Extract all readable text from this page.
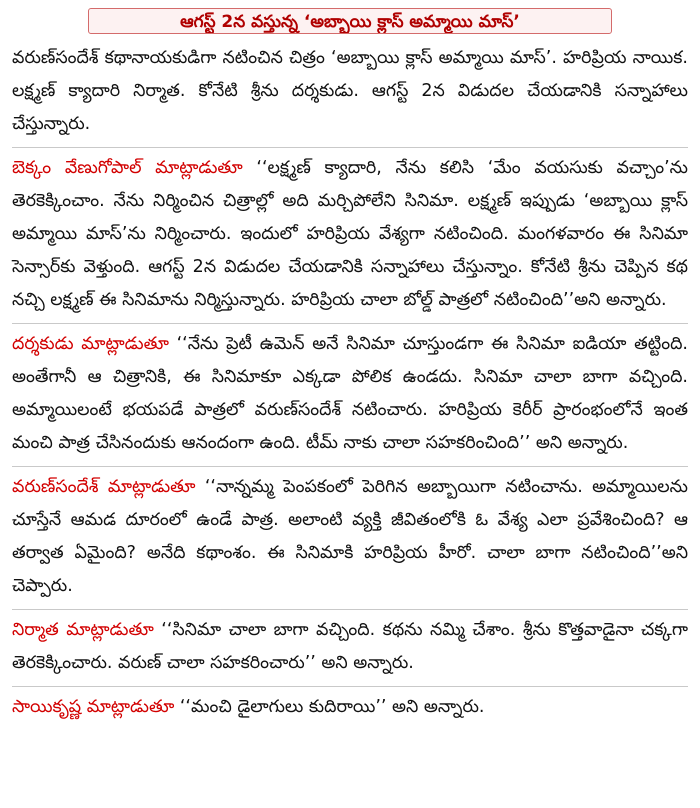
ఆగస్ట్ 2న వస్తున్న ‘అబ్బాయి క్లాస్ అమ్మాయి మాస్’

వరుణ్‌సందేశ్ కథానాయకుడిగా నటించిన చిత్రం ‘అబ్బాయి క్లాస్ అమ్మాయి మాస్’. హరిప్రియ నాయిక. లక్ష్మణ్ క్యాదారి నిర్మాత. కోనేటి శ్రీను దర్శకుడు. ఆగస్ట్ 2న విడుదల చేయడానికి సన్నాహాలు చేస్తున్నారు.

బెక్కం వేణుగోపాల్ మాట్లాడుతూ ‘‘లక్ష్మణ్ క్యాదారి, నేను కలిసి ‘మేం వయసుకు వచ్చాం’ను తెరకెక్కించాం. నేను నిర్మించిన చిత్రాల్లో అది మర్చిపోలేని సినిమా. లక్ష్మణ్ ఇప్పుడు ‘అబ్బాయి క్లాస్ అమ్మాయి మాస్’ను నిర్మించారు. ఇందులో హరిప్రియ వేశ్యగా నటించింది. మంగళవారం ఈ సినిమా సెన్సార్‌కు వెళ్తుంది. ఆగస్ట్ 2న విడుదల చేయడానికి సన్నాహాలు చేస్తున్నాం. కోనేటి శ్రీను చెప్పిన కథ నచ్చి లక్ష్మణ్ ఈ సినిమాను నిర్మిస్తున్నారు. హరిప్రియ చాలా బోల్డ్ పాత్రలో నటించింది’’అని అన్నారు.

దర్శకుడు మాట్లాడుతూ ‘‘నేను ప్రెటీ ఉమెన్ అనే సినిమా చూస్తుండగా ఈ సినిమా ఐడియా తట్టింది. అంతేగానీ ఆ చిత్రానికి, ఈ సినిమాకూ ఎక్కడా పోలిక ఉండదు. సినిమా చాలా బాగా వచ్చింది. అమ్మాయిలంటే భయపడే పాత్రలో వరుణ్‌సందేశ్ నటించారు. హరిప్రియ కెరీర్ ప్రారంభంలోనే ఇంత మంచి పాత్ర చేసినందుకు ఆనందంగా ఉంది. టీమ్ నాకు చాలా సహకరించింది’’ అని అన్నారు.

వరుణ్‌సందేశ్ మాట్లాడుతూ ‘‘నాన్నమ్మ పెంపకంలో పెరిగిన అబ్బాయిగా నటించాను. అమ్మాయిలను చూస్తేనే ఆమడ దూరంలో ఉండే పాత్ర. అలాంటి వ్యక్తి జీవితంలోకి ఓ వేశ్య ఎలా ప్రవేశించింది? ఆ తర్వాత ఏమైంది? అనేది కథాంశం. ఈ సినిమాకి హరిప్రియ హీరో. చాలా బాగా నటించింది’’అని చెప్పారు.

నిర్మాత మాట్లాడుతూ ‘‘సినిమా చాలా బాగా వచ్చింది. కథను నమ్మి చేశాం. శ్రీను కొత్తవాడైనా చక్కగా తెరకెక్కించారు. వరుణ్ చాలా సహకరించారు’’ అని అన్నారు.

సాయికృష్ణ మాట్లాడుతూ ‘‘మంచి డైలాగులు కుదిరాయి’’ అని అన్నారు.
